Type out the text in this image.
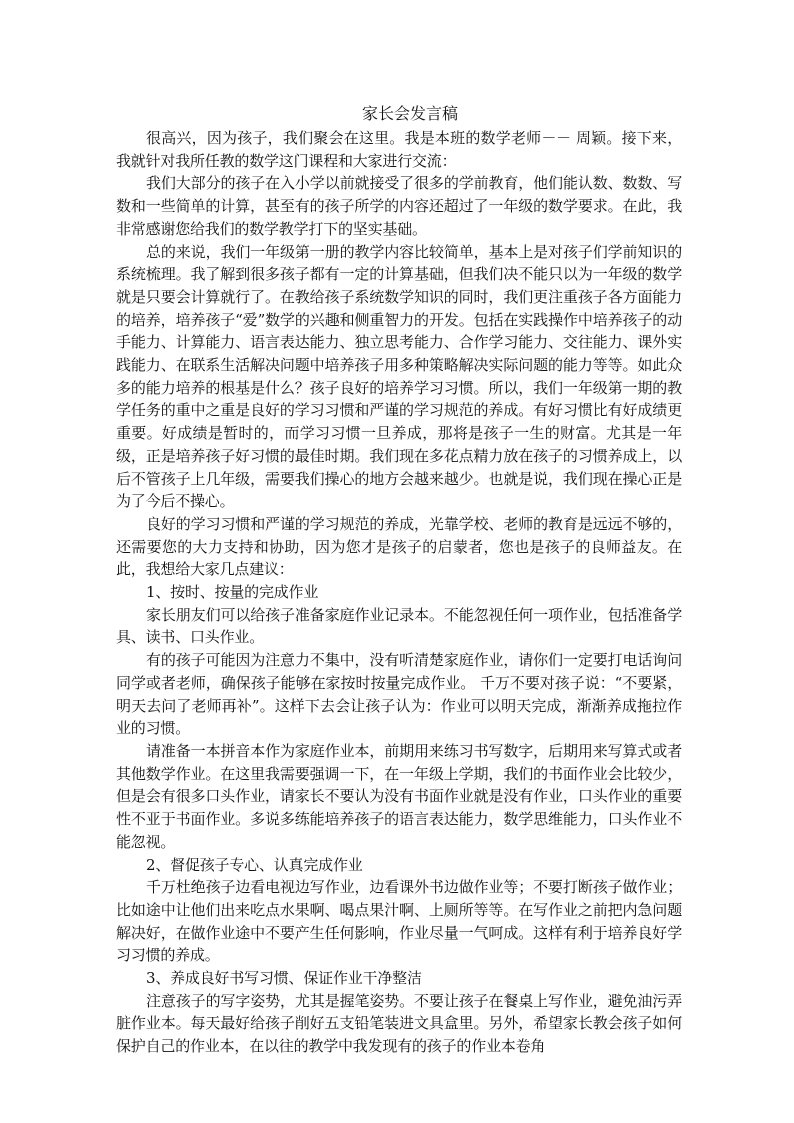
家长会发言稿

很高兴，因为孩子，我们聚会在这里。我是本班的数学老师－－ 周颖。接下来，我就针对我所任教的数学这门课程和大家进行交流：

我们大部分的孩子在入小学以前就接受了很多的学前教育，他们能认数、数数、写数和一些简单的计算，甚至有的孩子所学的内容还超过了一年级的数学要求。在此，我非常感谢您给我们的数学教学打下的坚实基础。

总的来说，我们一年级第一册的教学内容比较简单，基本上是对孩子们学前知识的系统梳理。我了解到很多孩子都有一定的计算基础，但我们决不能只以为一年级的数学就是只要会计算就行了。在教给孩子系统数学知识的同时，我们更注重孩子各方面能力的培养，培养孩子“爱”数学的兴趣和侧重智力的开发。包括在实践操作中培养孩子的动手能力、计算能力、语言表达能力、独立思考能力、合作学习能力、交往能力、课外实践能力、在联系生活解决问题中培养孩子用多种策略解决实际问题的能力等等。如此众多的能力培养的根基是什么？孩子良好的培养学习习惯。所以，我们一年级第一期的教学任务的重中之重是良好的学习习惯和严谨的学习规范的养成。有好习惯比有好成绩更重要。好成绩是暂时的，而学习习惯一旦养成，那将是孩子一生的财富。尤其是一年级，正是培养孩子好习惯的最佳时期。我们现在多花点精力放在孩子的习惯养成上，以后不管孩子上几年级，需要我们操心的地方会越来越少。也就是说，我们现在操心正是为了今后不操心。

良好的学习习惯和严谨的学习规范的养成，光靠学校、老师的教育是远远不够的，还需要您的大力支持和协助，因为您才是孩子的启蒙者，您也是孩子的良师益友。在此，我想给大家几点建议：

1、按时、按量的完成作业

家长朋友们可以给孩子准备家庭作业记录本。不能忽视任何一项作业，包括准备学具、读书、口头作业。

有的孩子可能因为注意力不集中，没有听清楚家庭作业，请你们一定要打电话询问同学或者老师，确保孩子能够在家按时按量完成作业。 千万不要对孩子说：“不要紧，明天去问了老师再补”。这样下去会让孩子认为：作业可以明天完成，渐渐养成拖拉作业的习惯。

请准备一本拼音本作为家庭作业本，前期用来练习书写数字，后期用来写算式或者其他数学作业。在这里我需要强调一下，在一年级上学期，我们的书面作业会比较少，但是会有很多口头作业，请家长不要认为没有书面作业就是没有作业，口头作业的重要性不亚于书面作业。多说多练能培养孩子的语言表达能力，数学思维能力，口头作业不能忽视。

2、督促孩子专心、认真完成作业

千万杜绝孩子边看电视边写作业，边看课外书边做作业等；不要打断孩子做作业；比如途中让他们出来吃点水果啊、喝点果汁啊、上厕所等等。在写作业之前把内急问题解决好，在做作业途中不要产生任何影响，作业尽量一气呵成。这样有利于培养良好学习习惯的养成。

3、养成良好书写习惯、保证作业干净整洁

注意孩子的写字姿势，尤其是握笔姿势。不要让孩子在餐桌上写作业，避免油污弄脏作业本。每天最好给孩子削好五支铅笔装进文具盒里。另外，希望家长教会孩子如何保护自己的作业本，在以往的教学中我发现有的孩子的作业本卷角
